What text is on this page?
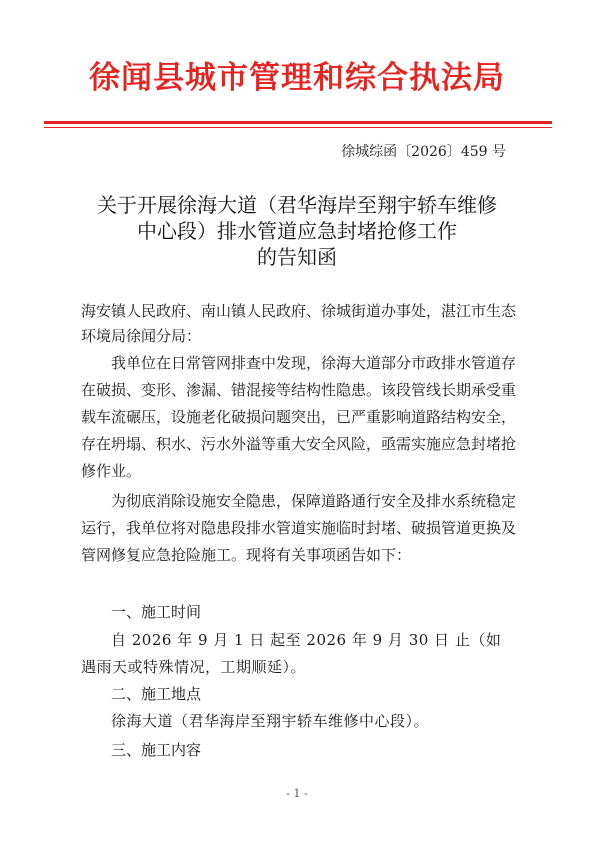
徐闻县城市管理和综合执法局
徐城综函〔2026〕459 号
关于开展徐海大道（君华海岸至翔宇轿车维修
中心段）排水管道应急封堵抢修工作
的告知函
海安镇人民政府、南山镇人民政府、徐城街道办事处，湛江市生态环境局徐闻分局：
我单位在日常管网排查中发现，徐海大道部分市政排水管道存在破损、变形、渗漏、错混接等结构性隐患。该段管线长期承受重载车流碾压，设施老化破损问题突出，已严重影响道路结构安全，存在坍塌、积水、污水外溢等重大安全风险，亟需实施应急封堵抢修作业。
为彻底消除设施安全隐患，保障道路通行安全及排水系统稳定运行，我单位将对隐患段排水管道实施临时封堵、破损管道更换及管网修复应急抢险施工。现将有关事项函告如下：
一、施工时间
自 2026 年 9 月 1 日 起至 2026 年 9 月 30 日 止（如遇雨天或特殊情况，工期顺延）。
二、施工地点
徐海大道（君华海岸至翔宇轿车维修中心段）。
三、施工内容
- 1 -
